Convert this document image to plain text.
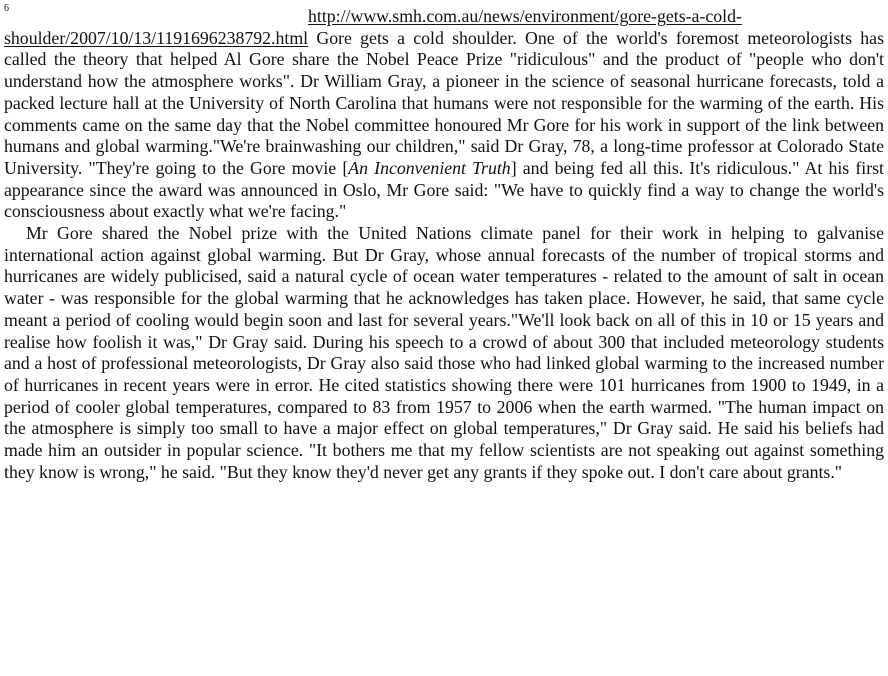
6	http://www.smh.com.au/news/environment/gore-gets-a-cold-shoulder/2007/10/13/1191696238792.html Gore gets a cold shoulder. One of the world's foremost meteorologists has called the theory that helped Al Gore share the Nobel Peace Prize "ridiculous" and the product of "people who don't understand how the atmosphere works". Dr William Gray, a pioneer in the science of seasonal hurricane forecasts, told a packed lecture hall at the University of North Carolina that humans were not responsible for the warming of the earth. His comments came on the same day that the Nobel committee honoured Mr Gore for his work in support of the link between humans and global warming."We're brainwashing our children," said Dr Gray, 78, a long-time professor at Colorado State University. "They're going to the Gore movie [An Inconvenient Truth] and being fed all this. It's ridiculous." At his first appearance since the award was announced in Oslo, Mr Gore said: "We have to quickly find a way to change the world's consciousness about exactly what we're facing."

Mr Gore shared the Nobel prize with the United Nations climate panel for their work in helping to galvanise international action against global warming. But Dr Gray, whose annual forecasts of the number of tropical storms and hurricanes are widely publicised, said a natural cycle of ocean water temperatures - related to the amount of salt in ocean water - was responsible for the global warming that he acknowledges has taken place. However, he said, that same cycle meant a period of cooling would begin soon and last for several years."We'll look back on all of this in 10 or 15 years and realise how foolish it was," Dr Gray said. During his speech to a crowd of about 300 that included meteorology students and a host of professional meteorologists, Dr Gray also said those who had linked global warming to the increased number of hurricanes in recent years were in error. He cited statistics showing there were 101 hurricanes from 1900 to 1949, in a period of cooler global temperatures, compared to 83 from 1957 to 2006 when the earth warmed. "The human impact on the atmosphere is simply too small to have a major effect on global temperatures," Dr Gray said. He said his beliefs had made him an outsider in popular science. "It bothers me that my fellow scientists are not speaking out against something they know is wrong," he said. "But they know they'd never get any grants if they spoke out. I don't care about grants."
